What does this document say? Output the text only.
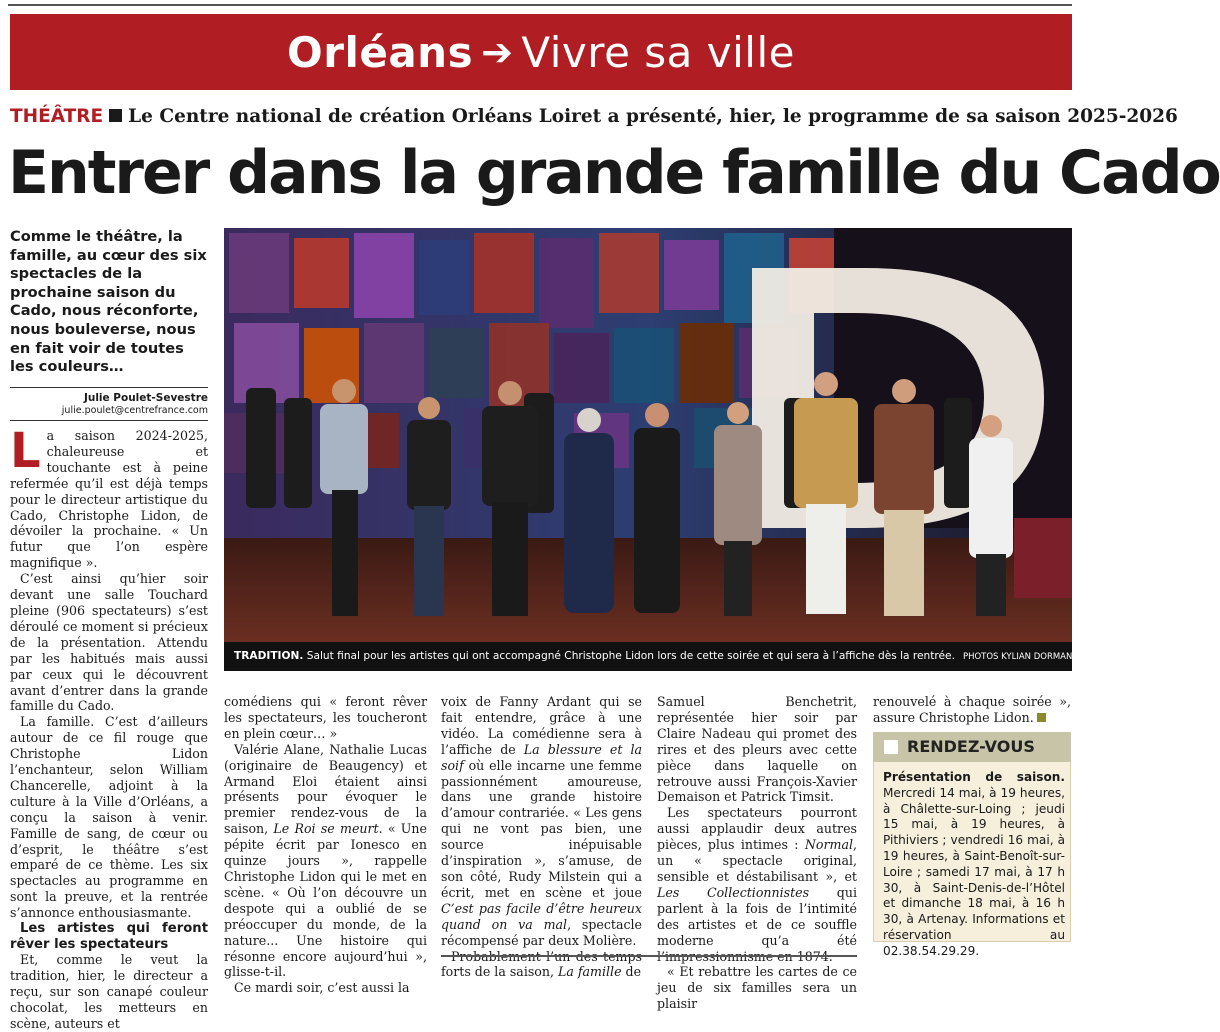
Orléans ➔ Vivre sa ville
THÉÂTRE Le Centre national de création Orléans Loiret a présenté, hier, le programme de sa saison 2025-2026
Entrer dans la grande famille du Cado
Comme le théâtre, la famille, au cœur des six spectacles de la prochaine saison du Cado, nous réconforte, nous bouleverse, nous en fait voir de toutes les couleurs…
Julie Poulet-Sevestre
julie.poulet@centrefrance.com
L a saison 2024-2025, chaleureuse et touchante est à peine refermée qu’il est déjà temps pour le directeur artistique du Cado, Christophe Lidon, de dévoiler la prochaine. « Un futur que l’on espère magnifique ».

C’est ainsi qu’hier soir devant une salle Touchard pleine (906 spectateurs) s’est déroulé ce moment si précieux de la présentation. Attendu par les habitués mais aussi par ceux qui le découvrent avant d’entrer dans la grande famille du Cado.

La famille. C’est d’ailleurs autour de ce fil rouge que Christophe Lidon l’enchanteur, selon William Chancerelle, adjoint à la culture à la Ville d’Orléans, a conçu la saison à venir. Famille de sang, de cœur ou d’esprit, le théâtre s’est emparé de ce thème. Les six spectacles au programme en sont la preuve, et la rentrée s’annonce enthousiasmante.

Les artistes qui feront rêver les spectateurs

Et, comme le veut la tradition, hier, le directeur a reçu, sur son canapé couleur chocolat, les metteurs en scène, auteurs et

TRADITION. Salut final pour les artistes qui ont accompagné Christophe Lidon lors de cette soirée et qui sera à l’affiche dès la rentrée. PHOTOS KYLIAN DORMAND

comédiens qui « feront rêver les spectateurs, les toucheront en plein cœur… »

Valérie Alane, Nathalie Lucas (originaire de Beaugency) et Armand Eloi étaient ainsi présents pour évoquer le premier rendez-vous de la saison, Le Roi se meurt. « Une pépite écrit par Ionesco en quinze jours », rappelle Christophe Lidon qui le met en scène. « Où l’on découvre un despote qui a oublié de se préoccuper du monde, de la nature... Une histoire qui résonne encore aujourd’hui », glisse-t-il.

Ce mardi soir, c’est aussi la

voix de Fanny Ardant qui se fait entendre, grâce à une vidéo. La comédienne sera à l’affiche de La blessure et la soif où elle incarne une femme passionnément amoureuse, dans une grande histoire d’amour contrariée. « Les gens qui ne vont pas bien, une source inépuisable d’inspiration », s’amuse, de son côté, Rudy Milstein qui a écrit, met en scène et joue C’est pas facile d’être heureux quand on va mal, spectacle récompensé par deux Molière.

forts de la saison, La famille de

Samuel Benchetrit, représentée hier soir par Claire Nadeau qui promet des rires et des pleurs avec cette pièce dans laquelle on retrouve aussi François-Xavier Demaison et Patrick Timsit.

Les spectateurs pourront aussi applaudir deux autres pièces, plus intimes : Normal, un « spectacle original, sensible et déstabilisant », et Les Collectionnistes qui parlent à la fois de l’intimité des artistes et de ce souffle moderne qu’a été

« Et rebattre les cartes de ce jeu de six familles sera un plaisir

renouvelé à chaque soirée », assure Christophe Lidon.

RENDEZ-VOUS
Présentation de saison. Mercredi 14 mai, à 19 heures, à Châlette-sur-Loing ; jeudi 15 mai, à 19 heures, à Pithiviers ; vendredi 16 mai, à 19 heures, à Saint-Benoît-sur-Loire ; samedi 17 mai, à 17 h 30, à Saint-Denis-de-l’Hôtel et dimanche 18 mai, à 16 h 30, à Artenay. Informations et réservation au 02.38.54.29.29.
